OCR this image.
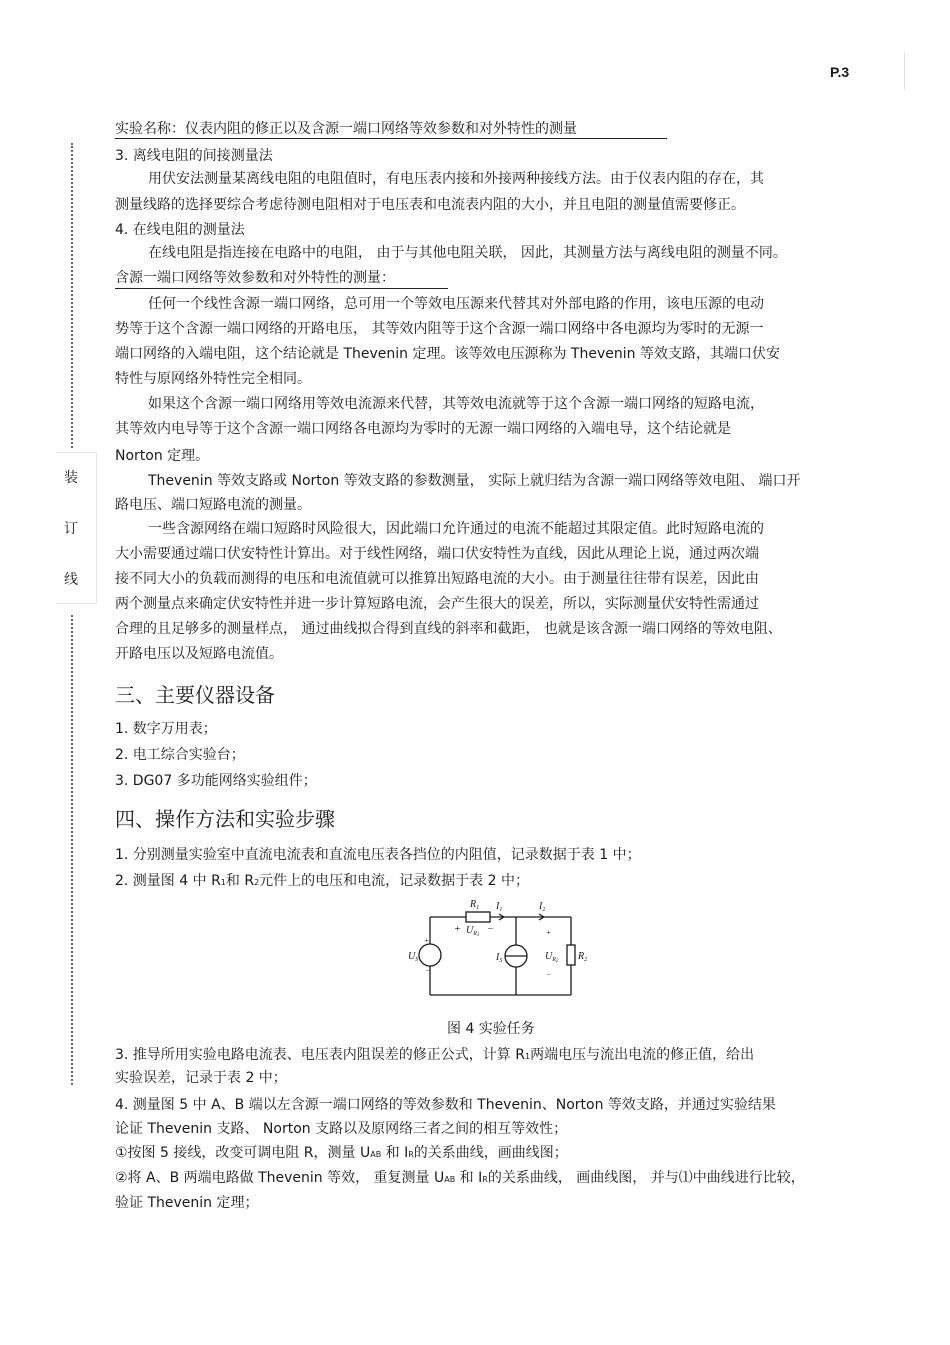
P.3
装
订
线
实验名称：仪表内阻的修正以及含源一端口网络等效参数和对外特性的测量
3. 离线电阻的间接测量法
用伏安法测量某离线电阻的电阻值时，有电压表内接和外接两种接线方法。由于仪表内阻的存在，其
测量线路的选择要综合考虑待测电阻相对于电压表和电流表内阻的大小，并且电阻的测量值需要修正。
4. 在线电阻的测量法
在线电阻是指连接在电路中的电阻， 由于与其他电阻关联， 因此，其测量方法与离线电阻的测量不同。
含源一端口网络等效参数和对外特性的测量：
任何一个线性含源一端口网络，总可用一个等效电压源来代替其对外部电路的作用，该电压源的电动
势等于这个含源一端口网络的开路电压， 其等效内阻等于这个含源一端口网络中各电源均为零时的无源一
端口网络的入端电阻，这个结论就是 Thevenin 定理。该等效电压源称为 Thevenin 等效支路，其端口伏安
特性与原网络外特性完全相同。
如果这个含源一端口网络用等效电流源来代替，其等效电流就等于这个含源一端口网络的短路电流，
其等效内电导等于这个含源一端口网络各电源均为零时的无源一端口网络的入端电导，这个结论就是
Norton 定理。
Thevenin 等效支路或 Norton 等效支路的参数测量， 实际上就归结为含源一端口网络等效电阻、 端口开
路电压、端口短路电流的测量。
一些含源网络在端口短路时风险很大，因此端口允许通过的电流不能超过其限定值。此时短路电流的
大小需要通过端口伏安特性计算出。对于线性网络，端口伏安特性为直线，因此从理论上说，通过两次端
接不同大小的负载而测得的电压和电流值就可以推算出短路电流的大小。由于测量往往带有误差，因此由
两个测量点来确定伏安特性并进一步计算短路电流，会产生很大的误差，所以，实际测量伏安特性需通过
合理的且足够多的测量样点， 通过曲线拟合得到直线的斜率和截距， 也就是该含源一端口网络的等效电阻、
开路电压以及短路电流值。
三、主要仪器设备
1. 数字万用表；
2. 电工综合实验台；
3. DG07 多功能网络实验组件；
四、操作方法和实验步骤
1. 分别测量实验室中直流电流表和直流电压表各挡位的内阻值，记录数据于表 1 中；
2. 测量图 4 中 R1和 R2元件上的电压和电流，记录数据于表 2 中；
$R_1$ $I_1$	$I_2$
+	−
$U_R1$
$U_S$
+
−
$I_S$
+
$U_R2$
−
$R_2$
图 4 实验任务
3. 推导所用实验电路电流表、电压表内阻误差的修正公式，计算 R1两端电压与流出电流的修正值，给出
实验误差，记录于表 2 中；
4. 测量图 5 中 A、B 端以左含源一端口网络的等效参数和 Thevenin、Norton 等效支路，并通过实验结果
论证 Thevenin 支路、 Norton 支路以及原网络三者之间的相互等效性；
①按图 5 接线，改变可调电阻 R，测量 UAB 和 IR的关系曲线，画曲线图；
②将 A、B 两端电路做 Thevenin 等效， 重复测量 UAB 和 IR的关系曲线， 画曲线图， 并与⑴中曲线进行比较，
验证 Thevenin 定理；
